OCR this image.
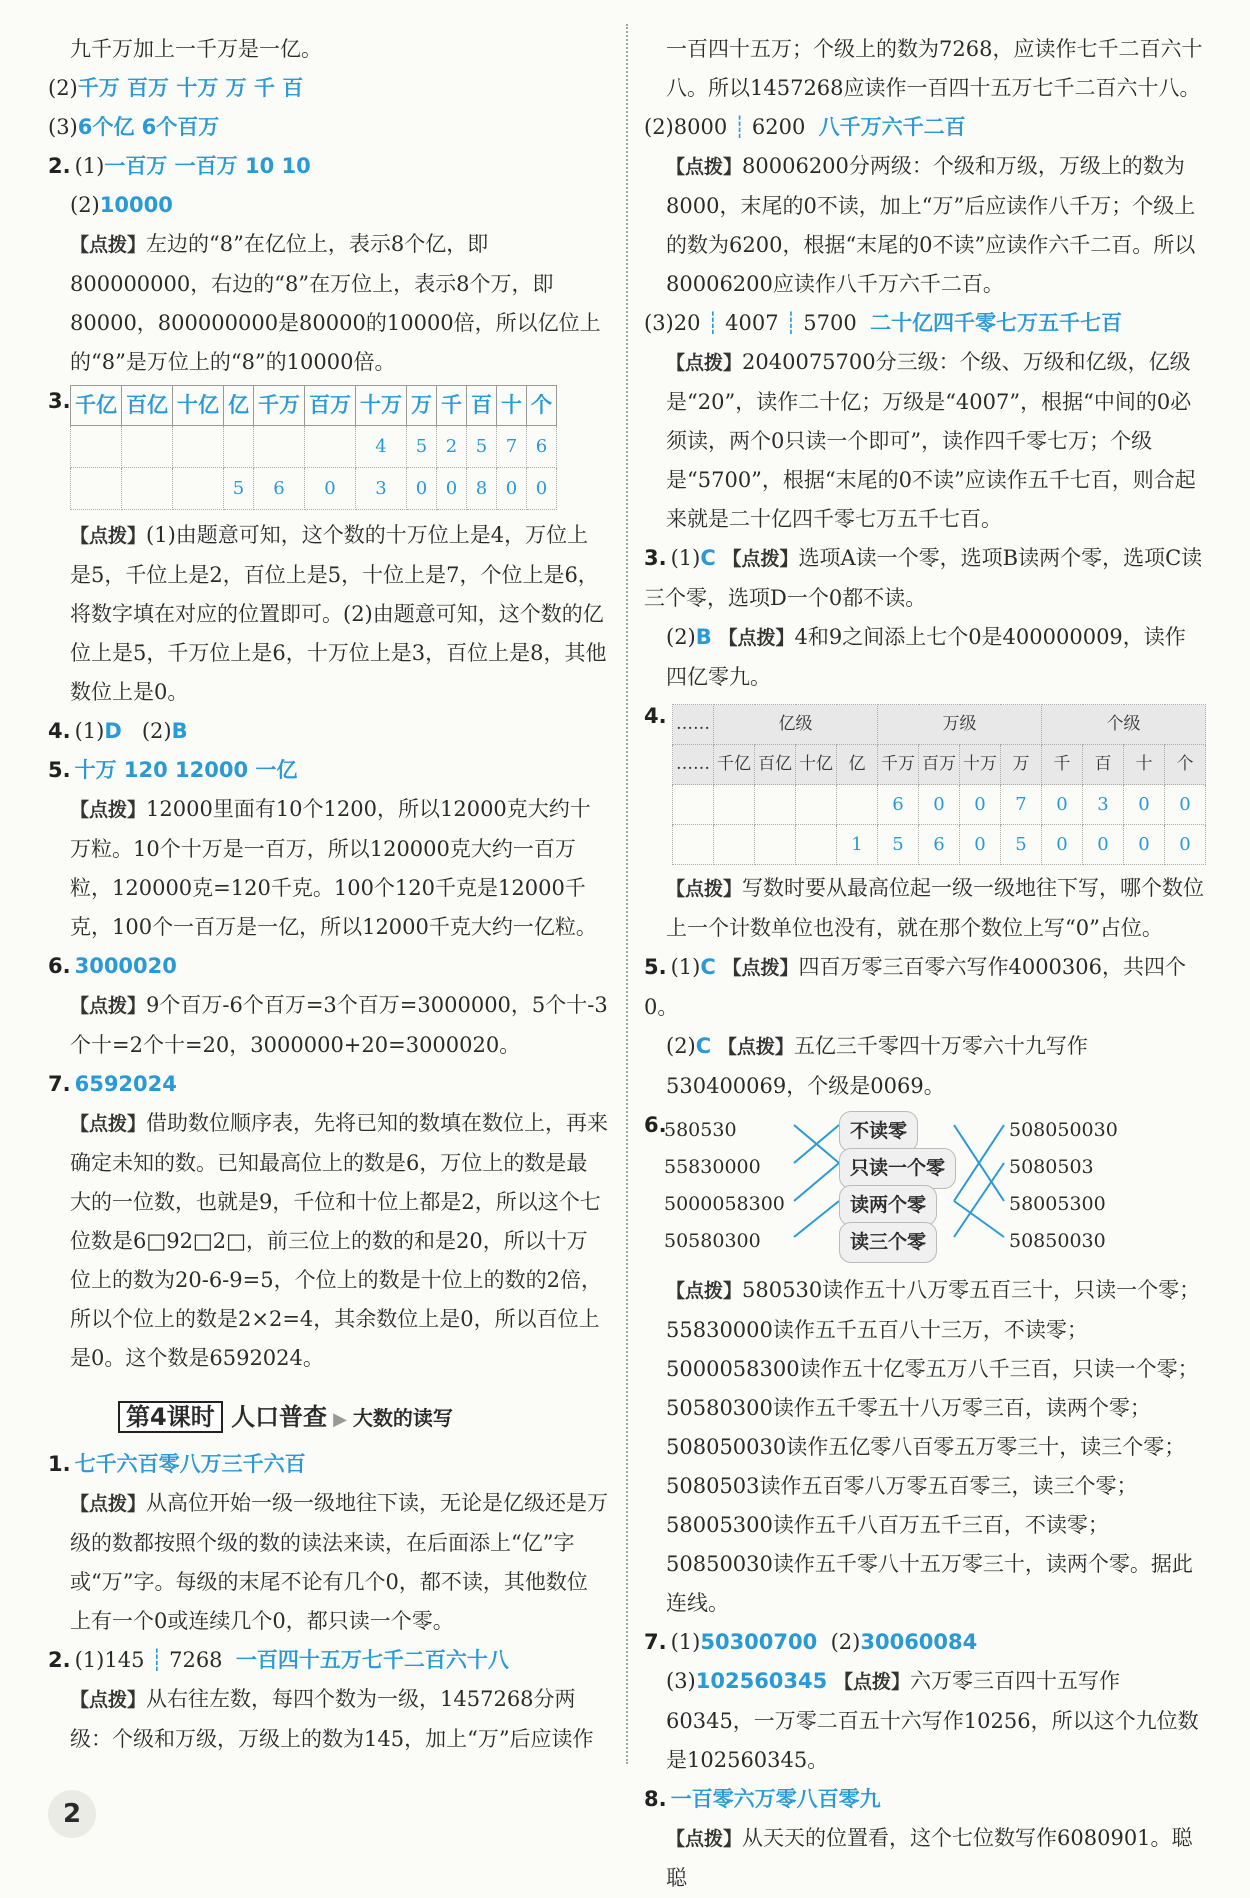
九千万加上一千万是一亿。

(2)千万 百万 十万 万 千 百

(3)6个亿 6个百万

2. (1)一百万 一百万 10 10

(2)10000

【点拨】左边的“8”在亿位上，表示8个亿，即800000000，右边的“8”在万位上，表示8个万，即80000，800000000是80000的10000倍，所以亿位上的“8”是万位上的“8”的10000倍。

3. 千亿	百亿	十亿	亿	千万	百万	十万	万	千	百	十	个
						4	5	2	5	7	6
			5	6	0	3	0	0	8	0	0

【点拨】(1)由题意可知，这个数的十万位上是4，万位上是5，千位上是2，百位上是5，十位上是7，个位上是6，将数字填在对应的位置即可。(2)由题意可知，这个数的亿位上是5，千万位上是6，十万位上是3，百位上是8，其他数位上是0。

4. (1)D (2)B

5. 十万 120 12000 一亿

【点拨】12000里面有10个1200，所以12000克大约十万粒。10个十万是一百万，所以120000克大约一百万粒，120000克=120千克。100个120千克是12000千克，100个一百万是一亿，所以12000千克大约一亿粒。

6. 3000020

【点拨】9个百万-6个百万=3个百万=3000000，5个十-3个十=2个十=20，3000000+20=3000020。

7. 6592024

【点拨】借助数位顺序表，先将已知的数填在数位上，再来确定未知的数。已知最高位上的数是6，万位上的数是最大的一位数，也就是9，千位和十位上都是2，所以这个七位数是6□92□2□，前三位上的数的和是20，所以十万位上的数为20-6-9=5，个位上的数是十位上的数的2倍，所以个位上的数是2×2=4，其余数位上是0，所以百位上是0。这个数是6592024。

第4课时 人口普查 ▶ 大数的读写

1. 七千六百零八万三千六百

【点拨】从高位开始一级一级地往下读，无论是亿级还是万级的数都按照个级的数的读法来读，在后面添上“亿”字或“万”字。每级的末尾不论有几个0，都不读，其他数位上有一个0或连续几个0，都只读一个零。

2. (1)145 ┊ 7268 一百四十五万七千二百六十八

【点拨】从右往左数，每四个数为一级，1457268分两级：个级和万级，万级上的数为145，加上“万”后应读作

一百四十五万；个级上的数为7268，应读作七千二百六十八。所以1457268应读作一百四十五万七千二百六十八。

(2)8000 ┊ 6200 八千万六千二百

【点拨】80006200分两级：个级和万级，万级上的数为8000，末尾的0不读，加上“万”后应读作八千万；个级上的数为6200，根据“末尾的0不读”应读作六千二百。所以80006200应读作八千万六千二百。

(3)20 ┊ 4007 ┊ 5700 二十亿四千零七万五千七百

【点拨】2040075700分三级：个级、万级和亿级，亿级是“20”，读作二十亿；万级是“4007”，根据“中间的0必须读，两个0只读一个即可”，读作四千零七万；个级是“5700”，根据“末尾的0不读”应读作五千七百，则合起来就是二十亿四千零七万五千七百。

3. (1)C 【点拨】选项A读一个零，选项B读两个零，选项C读三个零，选项D一个0都不读。

(2)B 【点拨】4和9之间添上七个0是400000009，读作四亿零九。

4. ……	亿级				万级				个级			
……	千亿	百亿	十亿	亿	千万	百万	十万	万	千	百	十	个
					6	0	0	7	0	3	0	0
				1	5	6	0	5	0	0	0	0

【点拨】写数时要从最高位起一级一级地往下写，哪个数位上一个计数单位也没有，就在那个数位上写“0”占位。

5. (1)C 【点拨】四百万零三百零六写作4000306，共四个0。

(2)C 【点拨】五亿三千零四十万零六十九写作530400069，个级是0069。

6.

580530
55830000
5000058300
50580300
不读零
只读一个零
读两个零
读三个零
508050030
5080503
58005300
50850030

【点拨】580530读作五十八万零五百三十，只读一个零；55830000读作五千五百八十三万，不读零；5000058300读作五十亿零五万八千三百，只读一个零；50580300读作五千零五十八万零三百，读两个零；508050030读作五亿零八百零五万零三十，读三个零；5080503读作五百零八万零五百零三，读三个零；58005300读作五千八百万五千三百，不读零；50850030读作五千零八十五万零三十，读两个零。据此连线。

7. (1)50300700 (2)30060084

(3)102560345 【点拨】六万零三百四十五写作60345，一万零二百五十六写作10256，所以这个九位数是102560345。

8. 一百零六万零八百零九

【点拨】从天天的位置看，这个七位数写作6080901。聪聪

2
